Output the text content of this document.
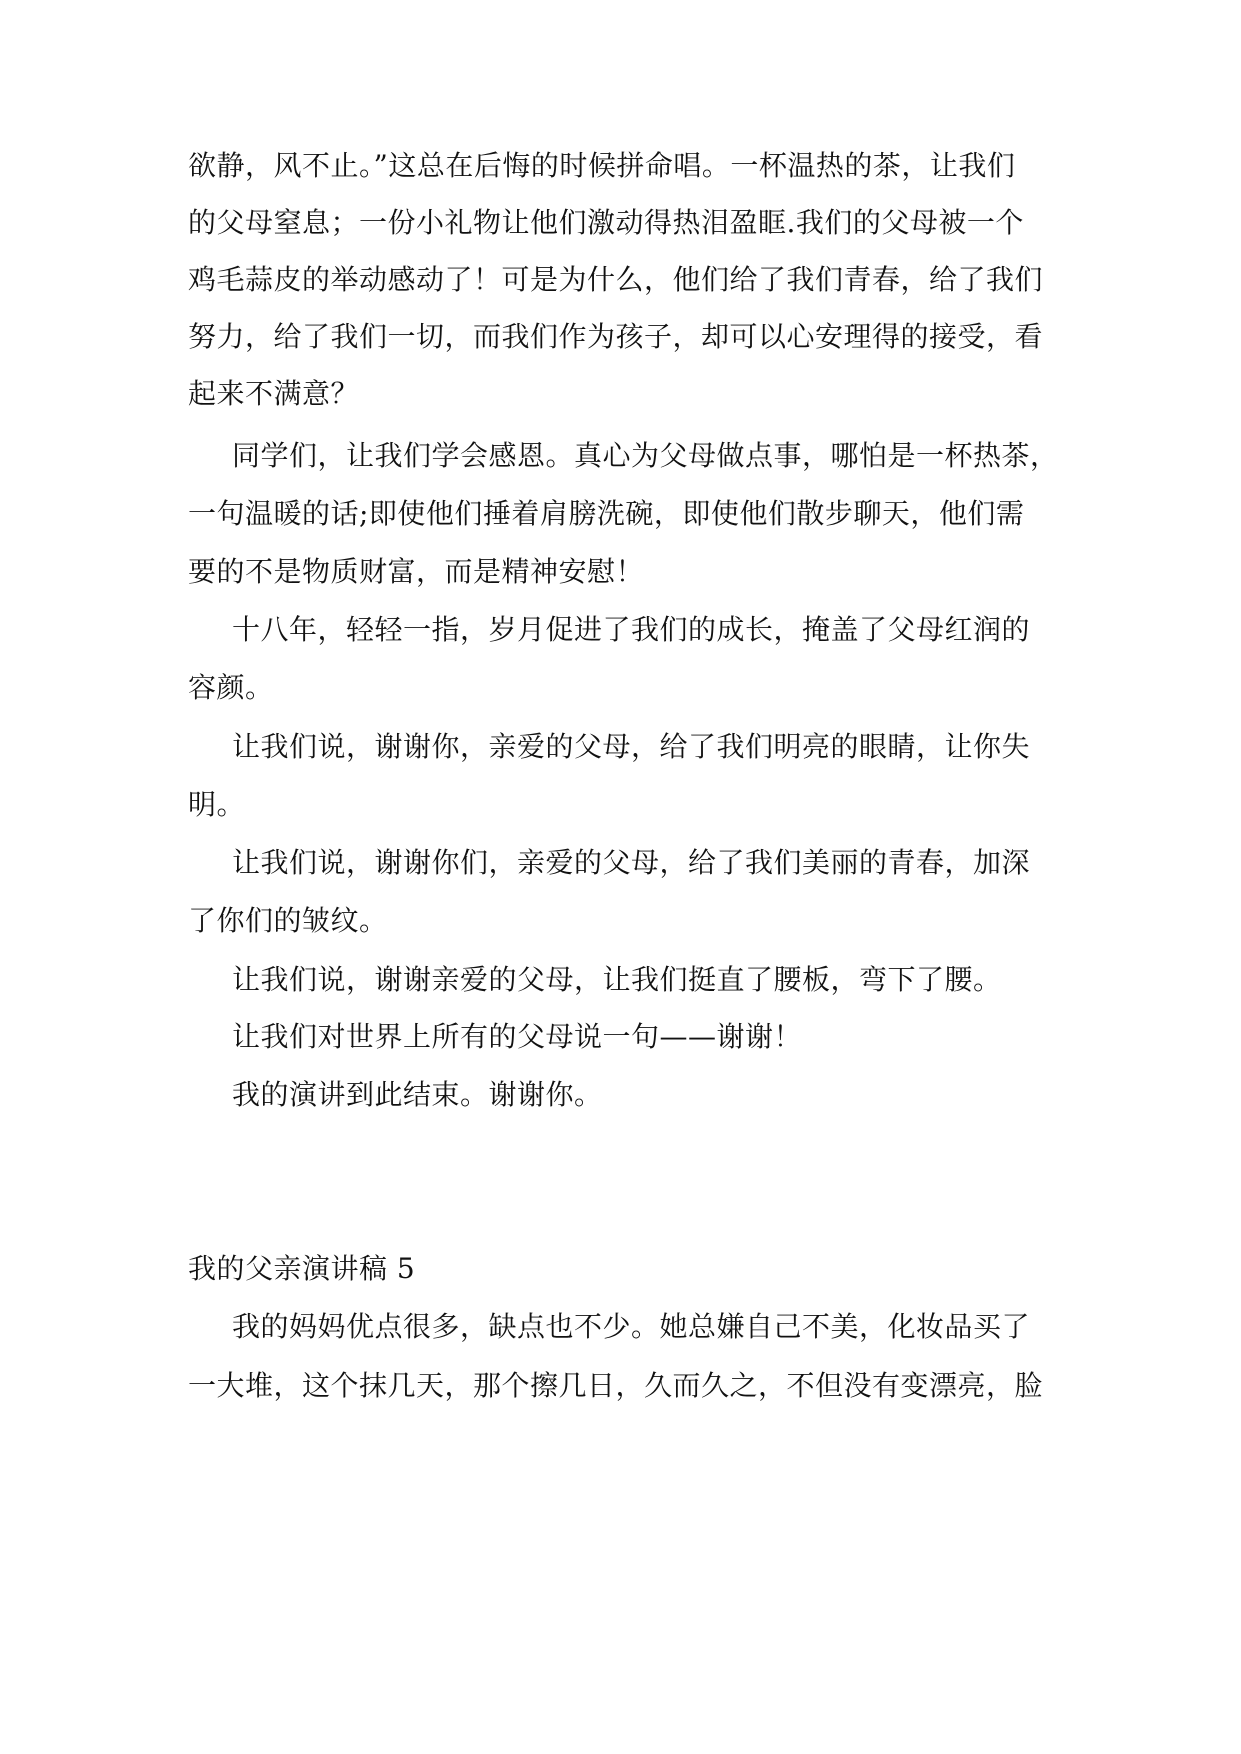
欲静，风不止。”这总在后悔的时候拼命唱。一杯温热的茶，让我们
的父母窒息；一份小礼物让他们激动得热泪盈眶.我们的父母被一个
鸡毛蒜皮的举动感动了！可是为什么，他们给了我们青春，给了我们
努力，给了我们一切，而我们作为孩子，却可以心安理得的接受，看
起来不满意？
同学们，让我们学会感恩。真心为父母做点事，哪怕是一杯热茶，
一句温暖的话;即使他们捶着肩膀洗碗，即使他们散步聊天，他们需
要的不是物质财富，而是精神安慰！
十八年，轻轻一指，岁月促进了我们的成长，掩盖了父母红润的
容颜。
让我们说，谢谢你，亲爱的父母，给了我们明亮的眼睛，让你失
明。
让我们说，谢谢你们，亲爱的父母，给了我们美丽的青春，加深
了你们的皱纹。
让我们说，谢谢亲爱的父母，让我们挺直了腰板，弯下了腰。
让我们对世界上所有的父母说一句——谢谢！
我的演讲到此结束。谢谢你。
我的父亲演讲稿 5
我的妈妈优点很多，缺点也不少。她总嫌自己不美，化妆品买了
一大堆，这个抹几天，那个擦几日，久而久之，不但没有变漂亮，脸
